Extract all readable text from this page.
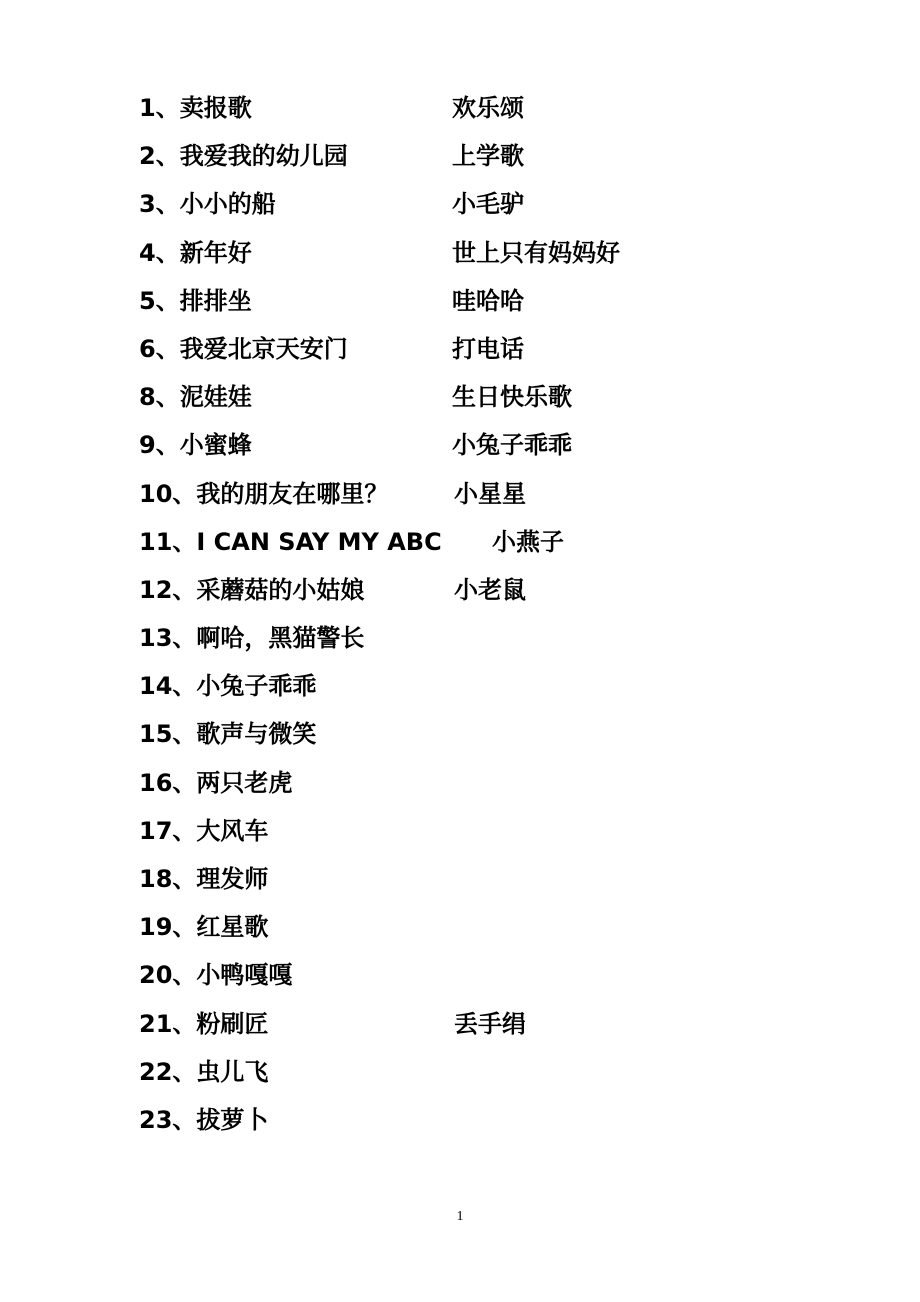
1、卖报歌	欢乐颂
2、我爱我的幼儿园	上学歌
3、小小的船	小毛驴
4、新年好	世上只有妈妈好
5、排排坐	哇哈哈
6、我爱北京天安门	打电话
8、泥娃娃	生日快乐歌
9、小蜜蜂	小兔子乖乖
10、我的朋友在哪里？	小星星
11、I CAN SAY MY ABC 小燕子
12、采蘑菇的小姑娘	小老鼠
13、啊哈，黑猫警长
14、小兔子乖乖
15、歌声与微笑
16、两只老虎
17、大风车
18、理发师
19、红星歌
20、小鸭嘎嘎
21、粉刷匠	丢手绢
22、虫儿飞
23、拔萝卜
1
